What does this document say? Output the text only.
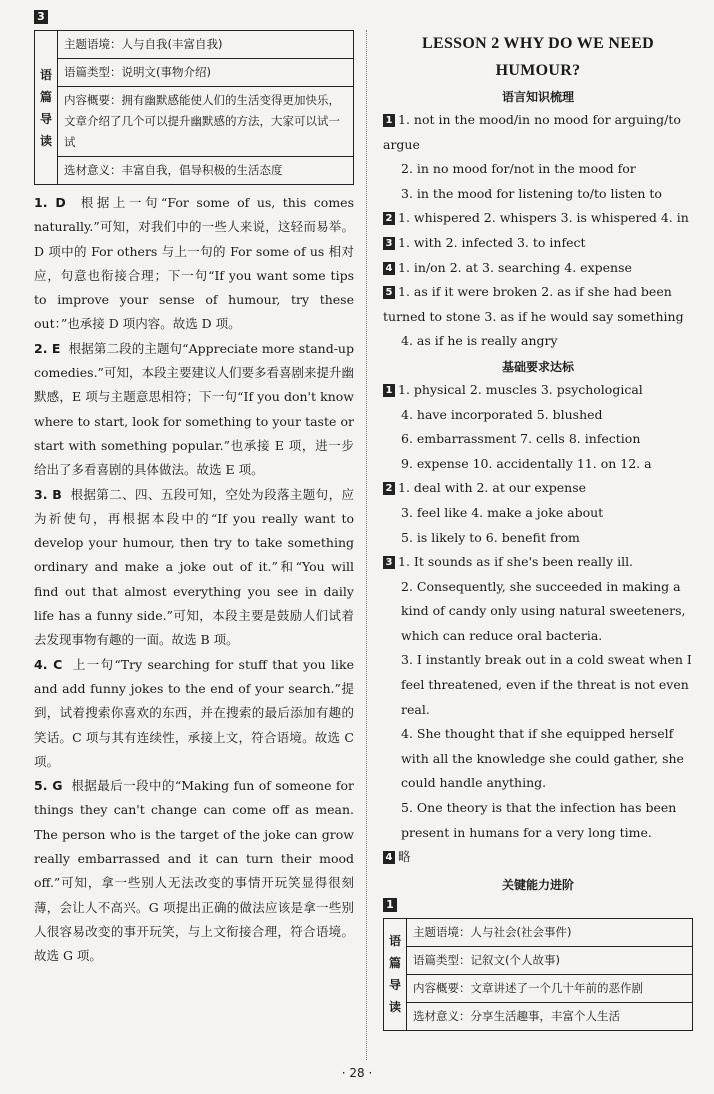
3
语
篇
导
读
主题语境：人与自我(丰富自我)
语篇类型：说明文(事物介绍)
内容概要：拥有幽默感能使人们的生活变得更加快乐，文章介绍了几个可以提升幽默感的方法，大家可以试一试
选材意义：丰富自我，倡导积极的生活态度

1. D 根据上一句“For some of us, this comes naturally.”可知，对我们中的一些人来说，这轻而易举。D 项中的 For others 与上一句的 For some of us 相对应，句意也衔接合理；下一句“If you want some tips to improve your sense of humour, try these out：”也承接 D 项内容。故选 D 项。

2. E 根据第二段的主题句“Appreciate more stand-up comedies.”可知，本段主要建议人们要多看喜剧来提升幽默感，E 项与主题意思相符；下一句“If you don't know where to start, look for something to your taste or start with something popular.”也承接 E 项，进一步给出了多看喜剧的具体做法。故选 E 项。

3. B 根据第二、四、五段可知，空处为段落主题句，应为祈使句，再根据本段中的“If you really want to develop your humour, then try to take something ordinary and make a joke out of it.”和“You will find out that almost everything you see in daily life has a funny side.”可知，本段主要是鼓励人们试着去发现事物有趣的一面。故选 B 项。

4. C 上一句“Try searching for stuff that you like and add funny jokes to the end of your search.”提到，试着搜索你喜欢的东西，并在搜索的最后添加有趣的笑话。C 项与其有连续性，承接上文，符合语境。故选 C 项。

5. G 根据最后一段中的“Making fun of someone for things they can't change can come off as mean. The person who is the target of the joke can grow really embarrassed and it can turn their mood off.”可知，拿一些别人无法改变的事情开玩笑显得很刻薄，会让人不高兴。G 项提出正确的做法应该是拿一些别人很容易改变的事开玩笑，与上文衔接合理，符合语境。故选 G 项。

LESSON 2 WHY DO WE NEED HUMOUR?
语言知识梳理
1 1. not in the mood/in no mood for arguing/to argue
2. in no mood for/not in the mood for
3. in the mood for listening to/to listen to
2 1. whispered 2. whispers 3. is whispered 4. in
3 1. with 2. infected 3. to infect
4 1. in/on 2. at 3. searching 4. expense
5 1. as if it were broken 2. as if she had been turned to stone 3. as if he would say something
4. as if he is really angry
基础要求达标
1 1. physical 2. muscles 3. psychological
4. have incorporated 5. blushed
6. embarrassment 7. cells 8. infection
9. expense 10. accidentally 11. on 12. a
2 1. deal with 2. at our expense
3. feel like 4. make a joke about
5. is likely to 6. benefit from
3 1. It sounds as if she's been really ill.
2. Consequently, she succeeded in making a kind of candy only using natural sweeteners, which can reduce oral bacteria.
3. I instantly break out in a cold sweat when I feel threatened, even if the threat is not even real.
4. She thought that if she equipped herself with all the knowledge she could gather, she could handle anything.
5. One theory is that the infection has been present in humans for a very long time.
4 略
关键能力进阶
1
语
篇
导
读
主题语境：人与社会(社会事件)
语篇类型：记叙文(个人故事)
内容概要：文章讲述了一个几十年前的恶作剧
选材意义：分享生活趣事，丰富个人生活
· 28 ·
